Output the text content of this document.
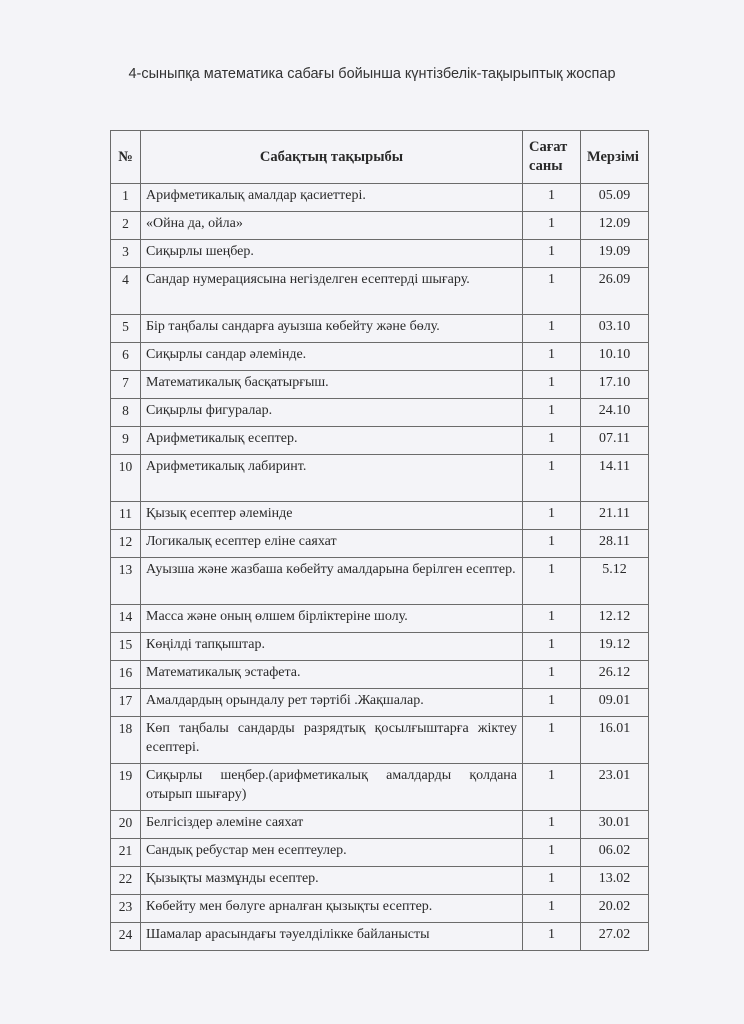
4-сыныпқа математика сабағы бойынша күнтізбелік-тақырыптық жоспар
№	Сабақтың тақырыбы	Сағат саны	Мерзімі
1	Арифметикалық амалдар қасиеттері.	1	05.09
2	«Ойна да, ойла»	1	12.09
3	Сиқырлы шеңбер.	1	19.09
4	Сандар нумерациясына негізделген есептерді шығару.	1	26.09
5	Бір таңбалы сандарға ауызша көбейту және бөлу.	1	03.10
6	Сиқырлы сандар әлемінде.	1	10.10
7	Математикалық басқатырғыш.	1	17.10
8	Сиқырлы фигуралар.	1	24.10
9	Арифметикалық есептер.	1	07.11
10	Арифметикалық лабиринт.	1	14.11
11	Қызық есептер әлемінде	1	21.11
12	Логикалық есептер еліне саяхат	1	28.11
13	Ауызша және жазбаша көбейту амалдарына берілген есептер.	1	5.12
14	Масса және оның өлшем бірліктеріне шолу.	1	12.12
15	Көңілді тапқыштар.	1	19.12
16	Математикалық эстафета.	1	26.12
17	Амалдардың орындалу рет тәртібі .Жақшалар.	1	09.01
18	Көп таңбалы сандарды разрядтық қосылғыштарға жіктеу есептері.	1	16.01
19	Сиқырлы шеңбер.(арифметикалық амалдарды қолдана отырып шығару)	1	23.01
20	Белгісіздер әлеміне саяхат	1	30.01
21	Сандық ребустар мен есептеулер.	1	06.02
22	Қызықты мазмұнды есептер.	1	13.02
23	Көбейту мен бөлуге арналған қызықты есептер.	1	20.02
24	Шамалар арасындағы тәуелділікке байланысты	1	27.02
